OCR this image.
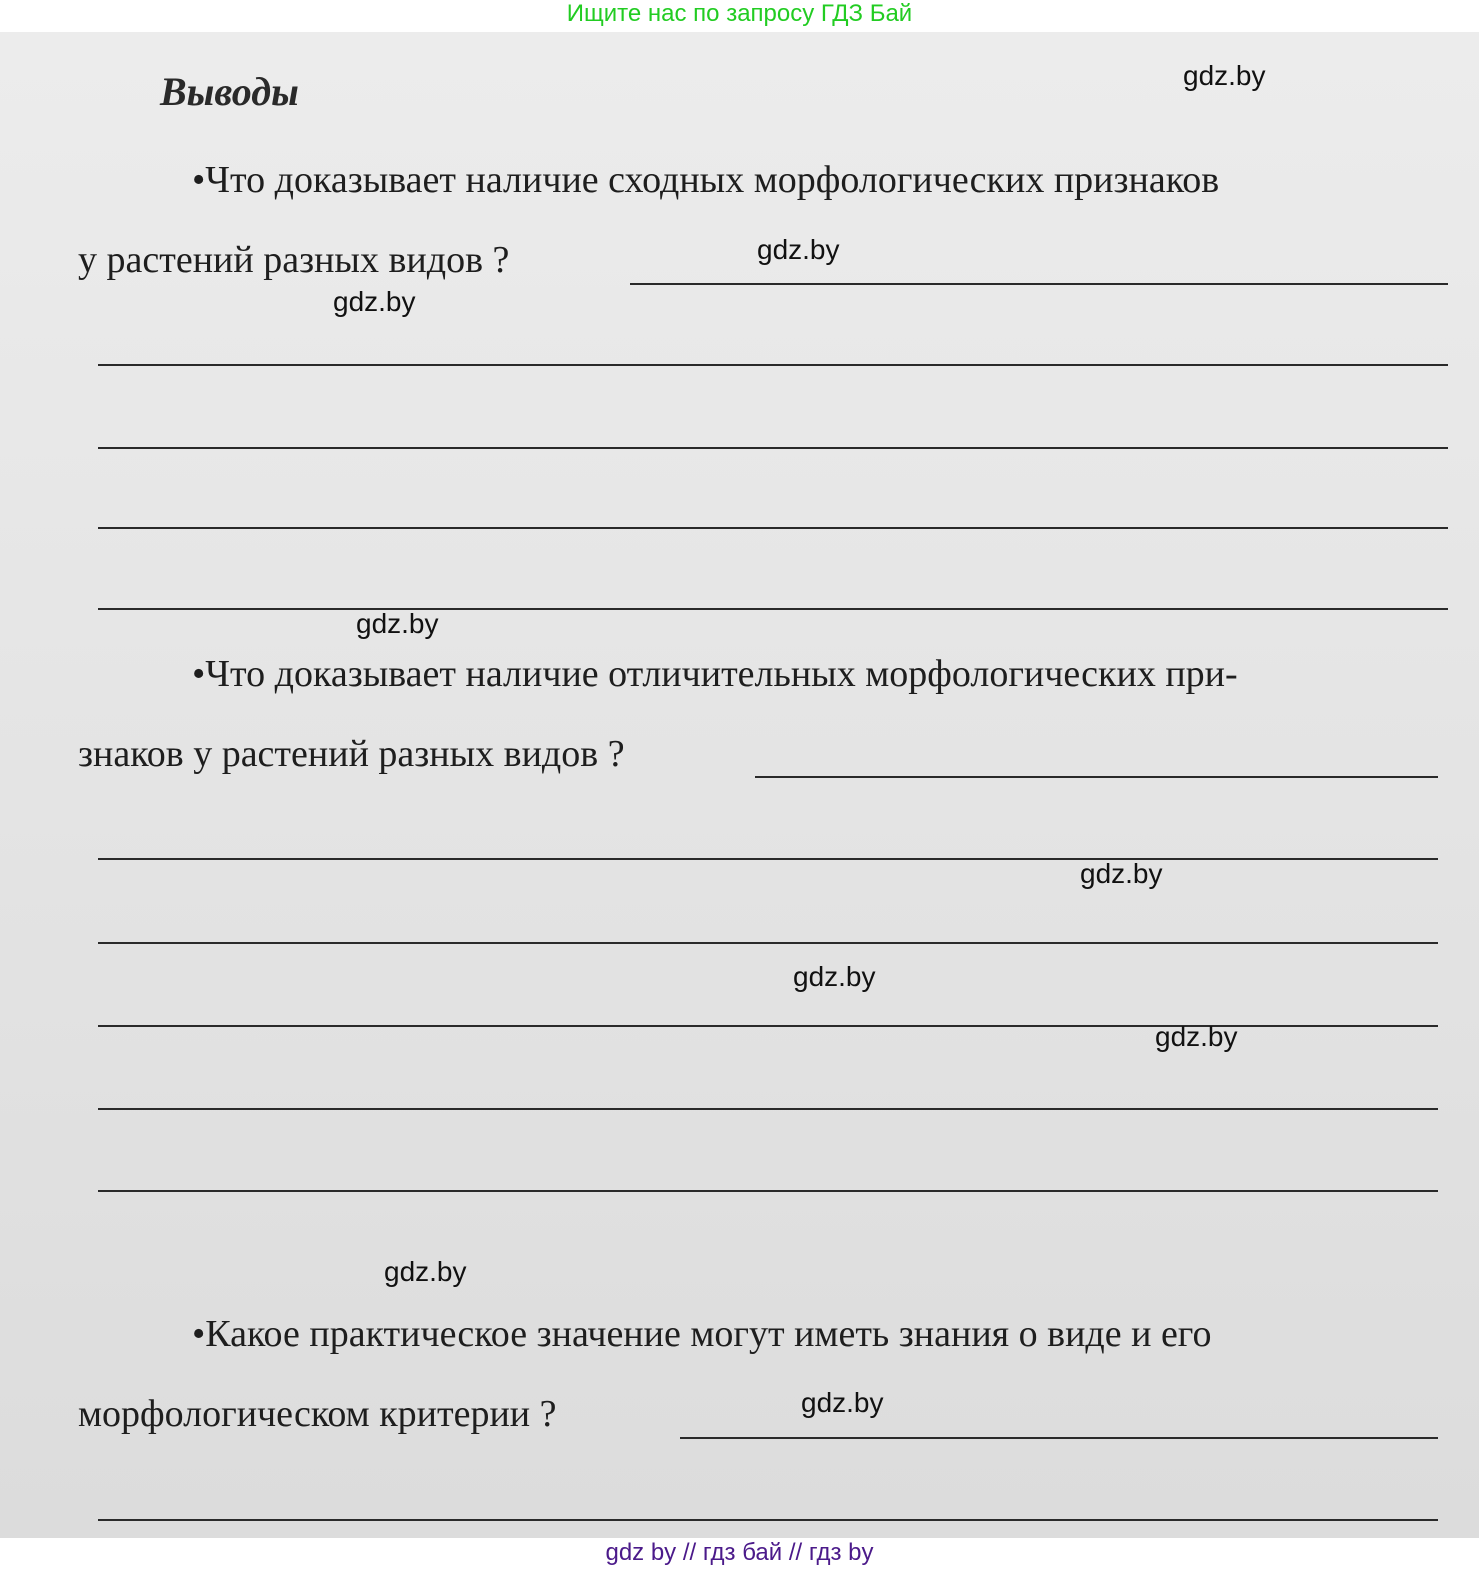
Ищите нас по запросу ГДЗ Бай
Выводы
•Что доказывает наличие сходных морфологических признаков
у растений разных видов ?
•Что доказывает наличие отличительных морфологических при-
знаков у растений разных видов ?
•Какое практическое значение могут иметь знания о виде и его
морфологическом критерии ?
gdz.by
gdz.by
gdz.by
gdz.by
gdz.by
gdz.by
gdz.by
gdz.by
gdz.by
gdz by // гдз бай // гдз by
